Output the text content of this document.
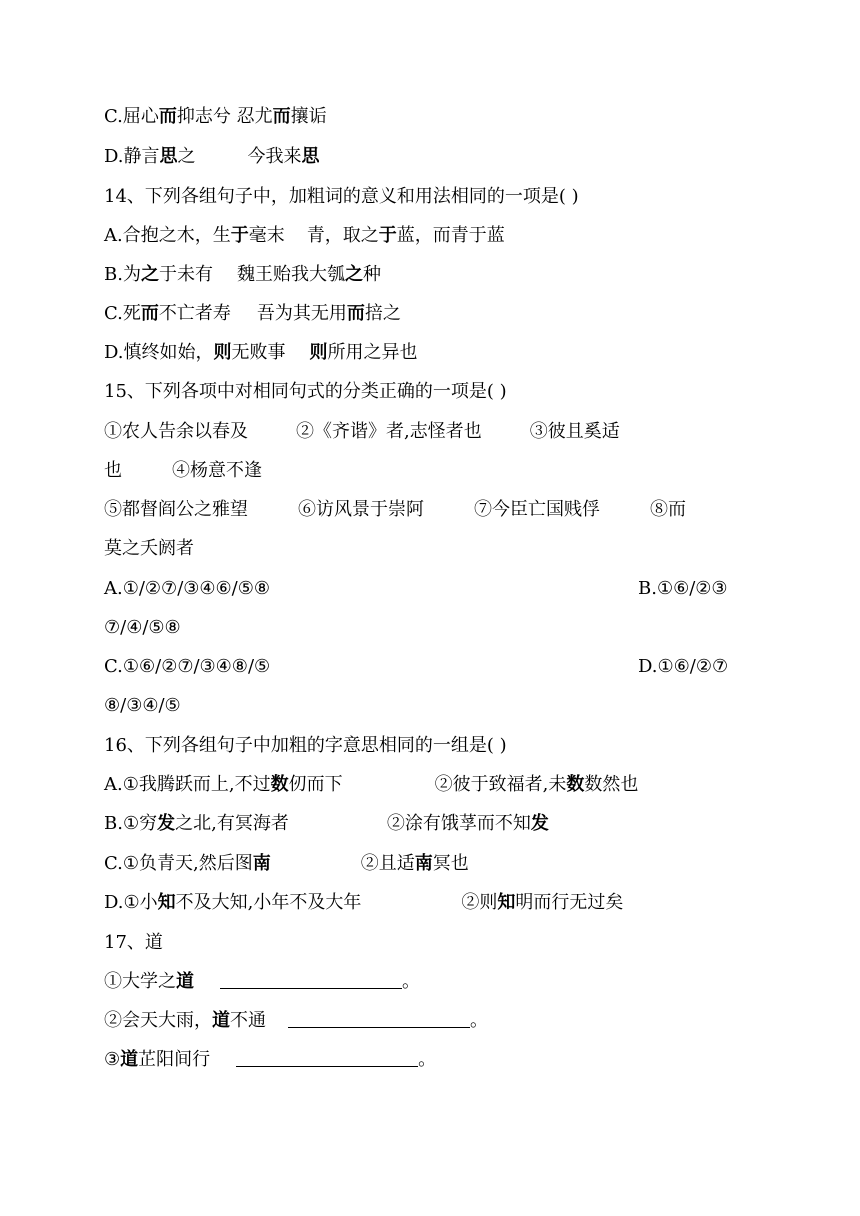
C.屈心而抑志兮 忍尤而攘诟
D.静言思之	今我来思
14、下列各组句子中，加粗词的意义和用法相同的一项是( )
A.合抱之木，生于毫末 青，取之于蓝，而青于蓝
B.为之于未有 魏王贻我大瓠之种
C.死而不亡者寿 吾为其无用而掊之
D.慎终如始，则无败事 则所用之异也
15、下列各项中对相同句式的分类正确的一项是( )
①农人告余以春及	②《齐谐》者,志怪者也	③彼且奚适
也	④杨意不逢
⑤都督阎公之雅望	⑥访风景于崇阿	⑦今臣亡国贱俘	⑧而
莫之夭阏者
A.①/②⑦/③④⑥/⑤⑧	B.①⑥/②③
⑦/④/⑤⑧
C.①⑥/②⑦/③④⑧/⑤	D.①⑥/②⑦
⑧/③④/⑤
16、下列各组句子中加粗的字意思相同的一组是( )
A.①我腾跃而上,不过数仞而下	②彼于致福者,未数数然也
B.①穷发之北,有冥海者	②涂有饿莩而不知发
C.①负青天,然后图南	②且适南冥也
D.①小知不及大知,小年不及大年	②则知明而行无过矣
17、道
①大学之道	。
②会天大雨，道不通	。
③道芷阳间行	。
